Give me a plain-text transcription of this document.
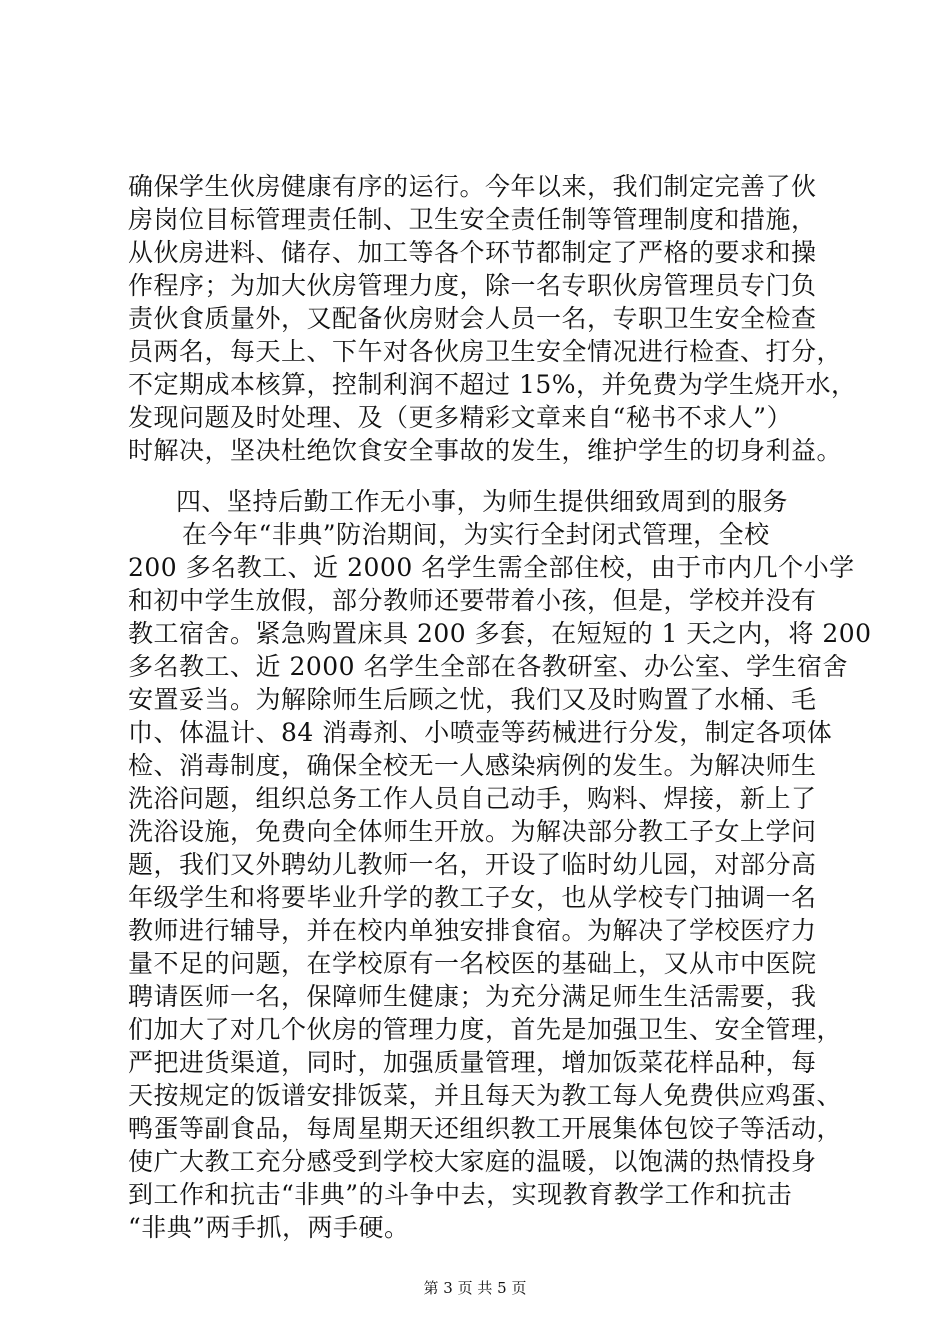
确保学生伙房健康有序的运行。今年以来，我们制定完善了伙
房岗位目标管理责任制、卫生安全责任制等管理制度和措施，
从伙房进料、储存、加工等各个环节都制定了严格的要求和操
作程序；为加大伙房管理力度，除一名专职伙房管理员专门负
责伙食质量外，又配备伙房财会人员一名，专职卫生安全检查
员两名，每天上、下午对各伙房卫生安全情况进行检查、打分，
不定期成本核算，控制利润不超过 15%，并免费为学生烧开水，
发现问题及时处理、及（更多精彩文章来自“秘书不求人”）
时解决，坚决杜绝饮食安全事故的发生，维护学生的切身利益。
四、坚持后勤工作无小事，为师生提供细致周到的服务
在今年“非典”防治期间，为实行全封闭式管理，全校
200 多名教工、近 2000 名学生需全部住校，由于市内几个小学
和初中学生放假，部分教师还要带着小孩，但是，学校并没有
教工宿舍。紧急购置床具 200 多套，在短短的 1 天之内，将 200
多名教工、近 2000 名学生全部在各教研室、办公室、学生宿舍
安置妥当。为解除师生后顾之忧，我们又及时购置了水桶、毛
巾、体温计、84 消毒剂、小喷壶等药械进行分发，制定各项体
检、消毒制度，确保全校无一人感染病例的发生。为解决师生
洗浴问题，组织总务工作人员自己动手，购料、焊接，新上了
洗浴设施，免费向全体师生开放。为解决部分教工子女上学问
题，我们又外聘幼儿教师一名，开设了临时幼儿园，对部分高
年级学生和将要毕业升学的教工子女，也从学校专门抽调一名
教师进行辅导，并在校内单独安排食宿。为解决了学校医疗力
量不足的问题，在学校原有一名校医的基础上，又从市中医院
聘请医师一名，保障师生健康；为充分满足师生生活需要，我
们加大了对几个伙房的管理力度，首先是加强卫生、安全管理，
严把进货渠道，同时，加强质量管理，增加饭菜花样品种，每
天按规定的饭谱安排饭菜，并且每天为教工每人免费供应鸡蛋、
鸭蛋等副食品，每周星期天还组织教工开展集体包饺子等活动，
使广大教工充分感受到学校大家庭的温暖，以饱满的热情投身
到工作和抗击“非典”的斗争中去，实现教育教学工作和抗击
“非典”两手抓，两手硬。
第 3 页 共 5 页
